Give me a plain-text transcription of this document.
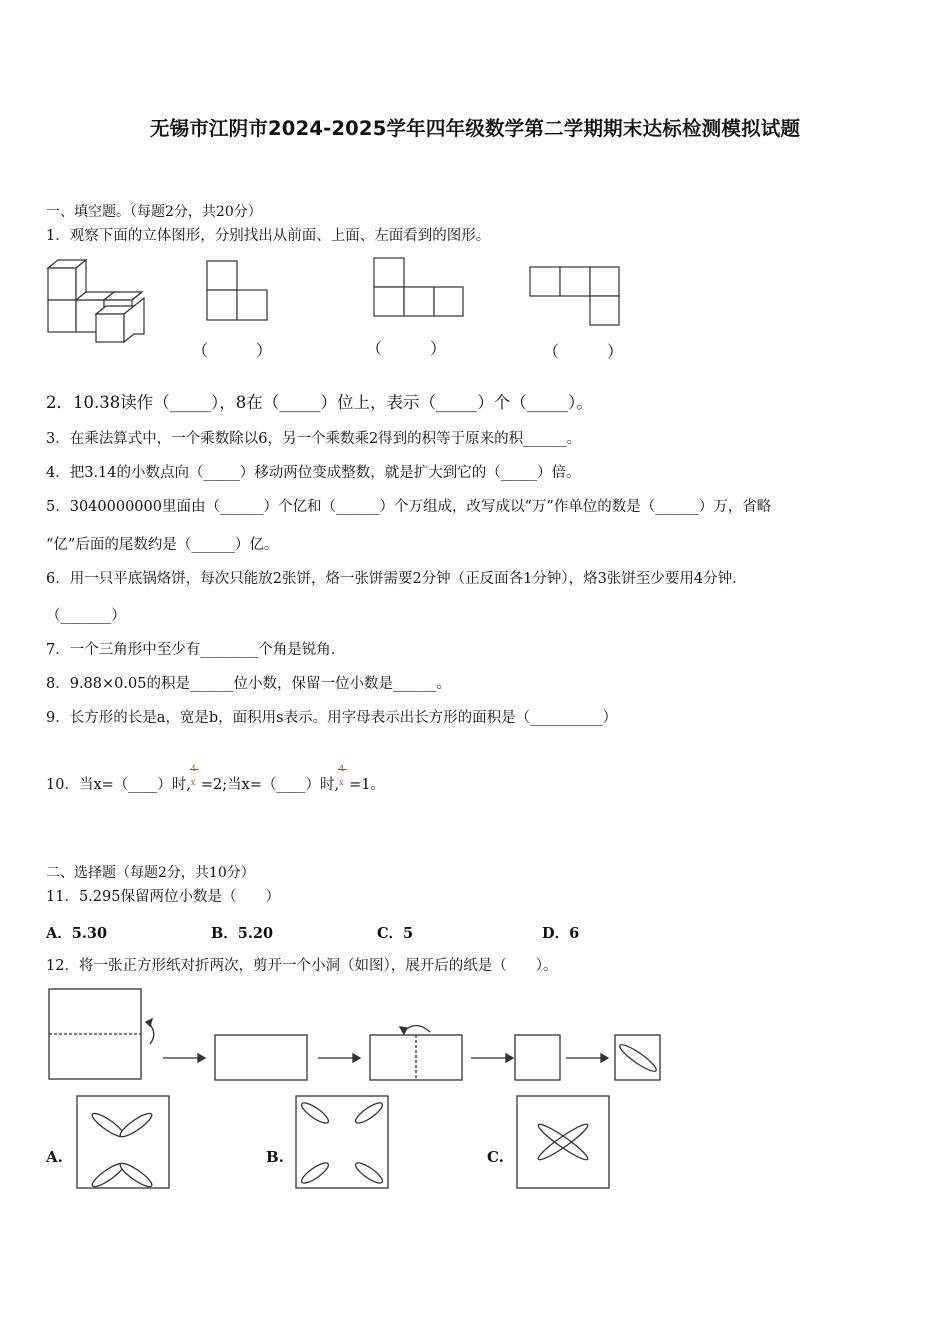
无锡市江阴市2024-2025学年四年级数学第二学期期末达标检测模拟试题
一、填空题。（每题2分，共20分）
1．观察下面的立体图形，分别找出从前面、上面、左面看到的图形。
（　　　）	（　　　）	（　　　）
2．10.38读作（_____），8在（_____）位上，表示（_____）个（_____）。
3．在乘法算式中，一个乘数除以6，另一个乘数乘2得到的积等于原来的积______。
4．把3.14的小数点向（_____）移动两位变成整数，就是扩大到它的（_____）倍。
5．3040000000里面由（______）个亿和（______）个万组成，改写成以“万”作单位的数是（______）万，省略
“亿”后面的尾数约是（______）亿。
6．用一只平底锅烙饼，每次只能放2张饼，烙一张饼需要2分钟（正反面各1分钟），烙3张饼至少要用4分钟．
（_______）
7．一个三角形中至少有________个角是锐角．
8．9.88×0.05的积是______位小数，保留一位小数是______。
9．长方形的长是a，宽是b，面积用s表示。用字母表示出长方形的面积是（__________）
10．当x=（____）时,
4
x =2;当x=（____）时,
4
x =1。
二、选择题（每题2分，共10分）
11．5.295保留两位小数是（　　）
A．5.30	B．5.20	C．5	D．6
12．将一张正方形纸对折两次，剪开一个小洞（如图），展开后的纸是（　　）。
A.	B.	C.
